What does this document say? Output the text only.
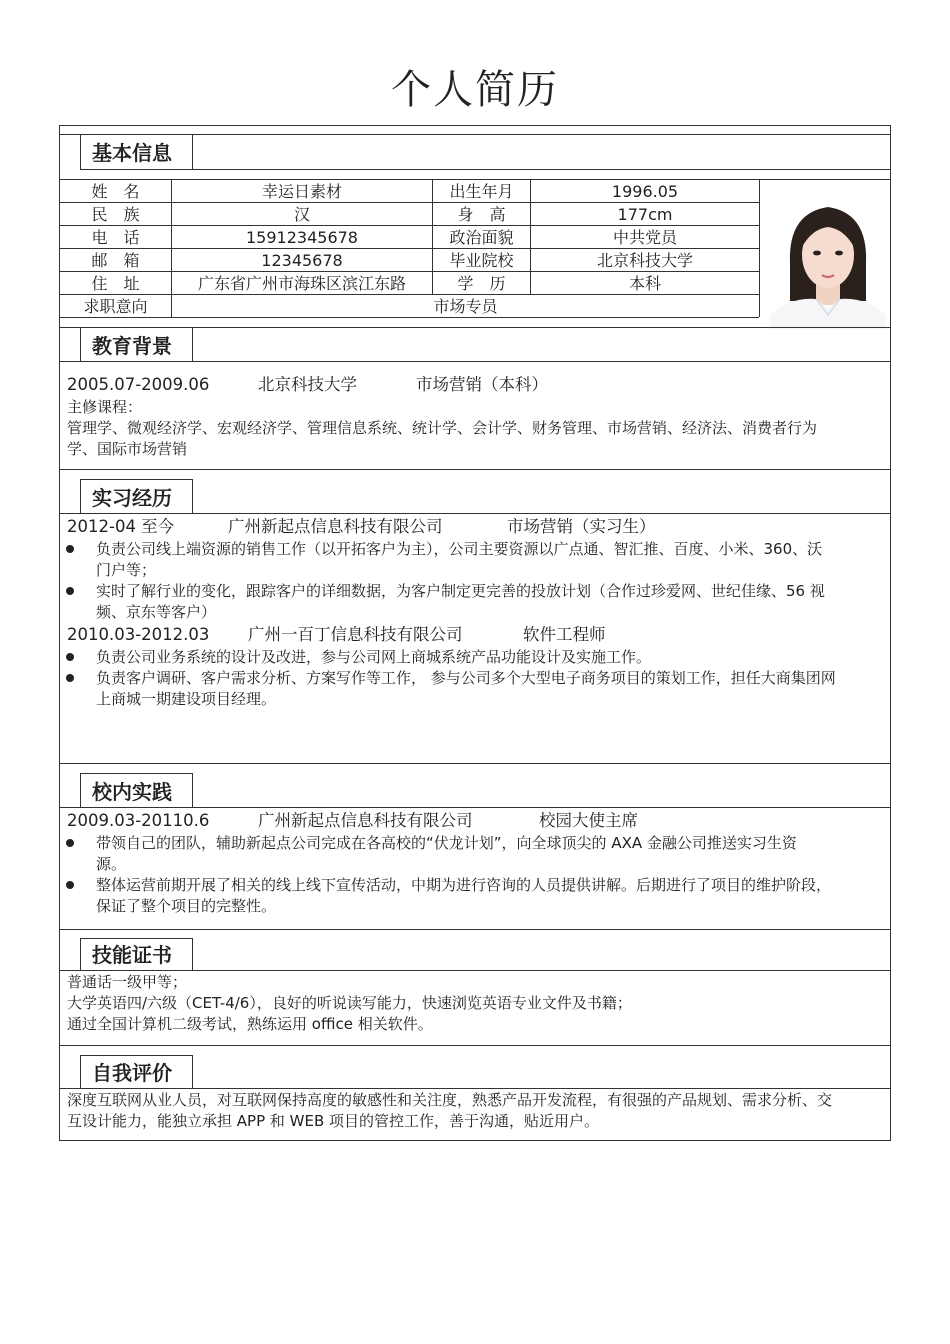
个人简历
基本信息
姓　名	幸运日素材	出生年月	1996.05
民　族	汉	身　高	177cm
电　话	15912345678	政治面貌	中共党员
邮　箱	12345678	毕业院校	北京科技大学
住　址	广东省广州市海珠区滨江东路	学　历	本科
求职意向	市场专员
教育背景
2005.07-2009.06	北京科技大学	市场营销（本科）
主修课程：
管理学、微观经济学、宏观经济学、管理信息系统、统计学、会计学、财务管理、市场营销、经济法、消费者行为
学、国际市场营销
实习经历
2012-04 至今	广州新起点信息科技有限公司	市场营销（实习生）
负责公司线上端资源的销售工作（以开拓客户为主），公司主要资源以广点通、智汇推、百度、小米、360、沃
门户等；
实时了解行业的变化，跟踪客户的详细数据，为客户制定更完善的投放计划（合作过珍爱网、世纪佳缘、56 视
频、京东等客户）
2010.03-2012.03 广州一百丁信息科技有限公司	软件工程师
负责公司业务系统的设计及改进，参与公司网上商城系统产品功能设计及实施工作。
负责客户调研、客户需求分析、方案写作等工作， 参与公司多个大型电子商务项目的策划工作，担任大商集团网
上商城一期建设项目经理。
校内实践
2009.03-20110.6	广州新起点信息科技有限公司	校园大使主席
带领自己的团队，辅助新起点公司完成在各高校的“伏龙计划”，向全球顶尖的 AXA 金融公司推送实习生资
源。
整体运营前期开展了相关的线上线下宣传活动，中期为进行咨询的人员提供讲解。后期进行了项目的维护阶段，
保证了整个项目的完整性。
技能证书
普通话一级甲等；
大学英语四/六级（CET-4/6），良好的听说读写能力，快速浏览英语专业文件及书籍；
通过全国计算机二级考试，熟练运用 office 相关软件。
自我评价
深度互联网从业人员，对互联网保持高度的敏感性和关注度，熟悉产品开发流程，有很强的产品规划、需求分析、交
互设计能力，能独立承担 APP 和 WEB 项目的管控工作，善于沟通，贴近用户。
